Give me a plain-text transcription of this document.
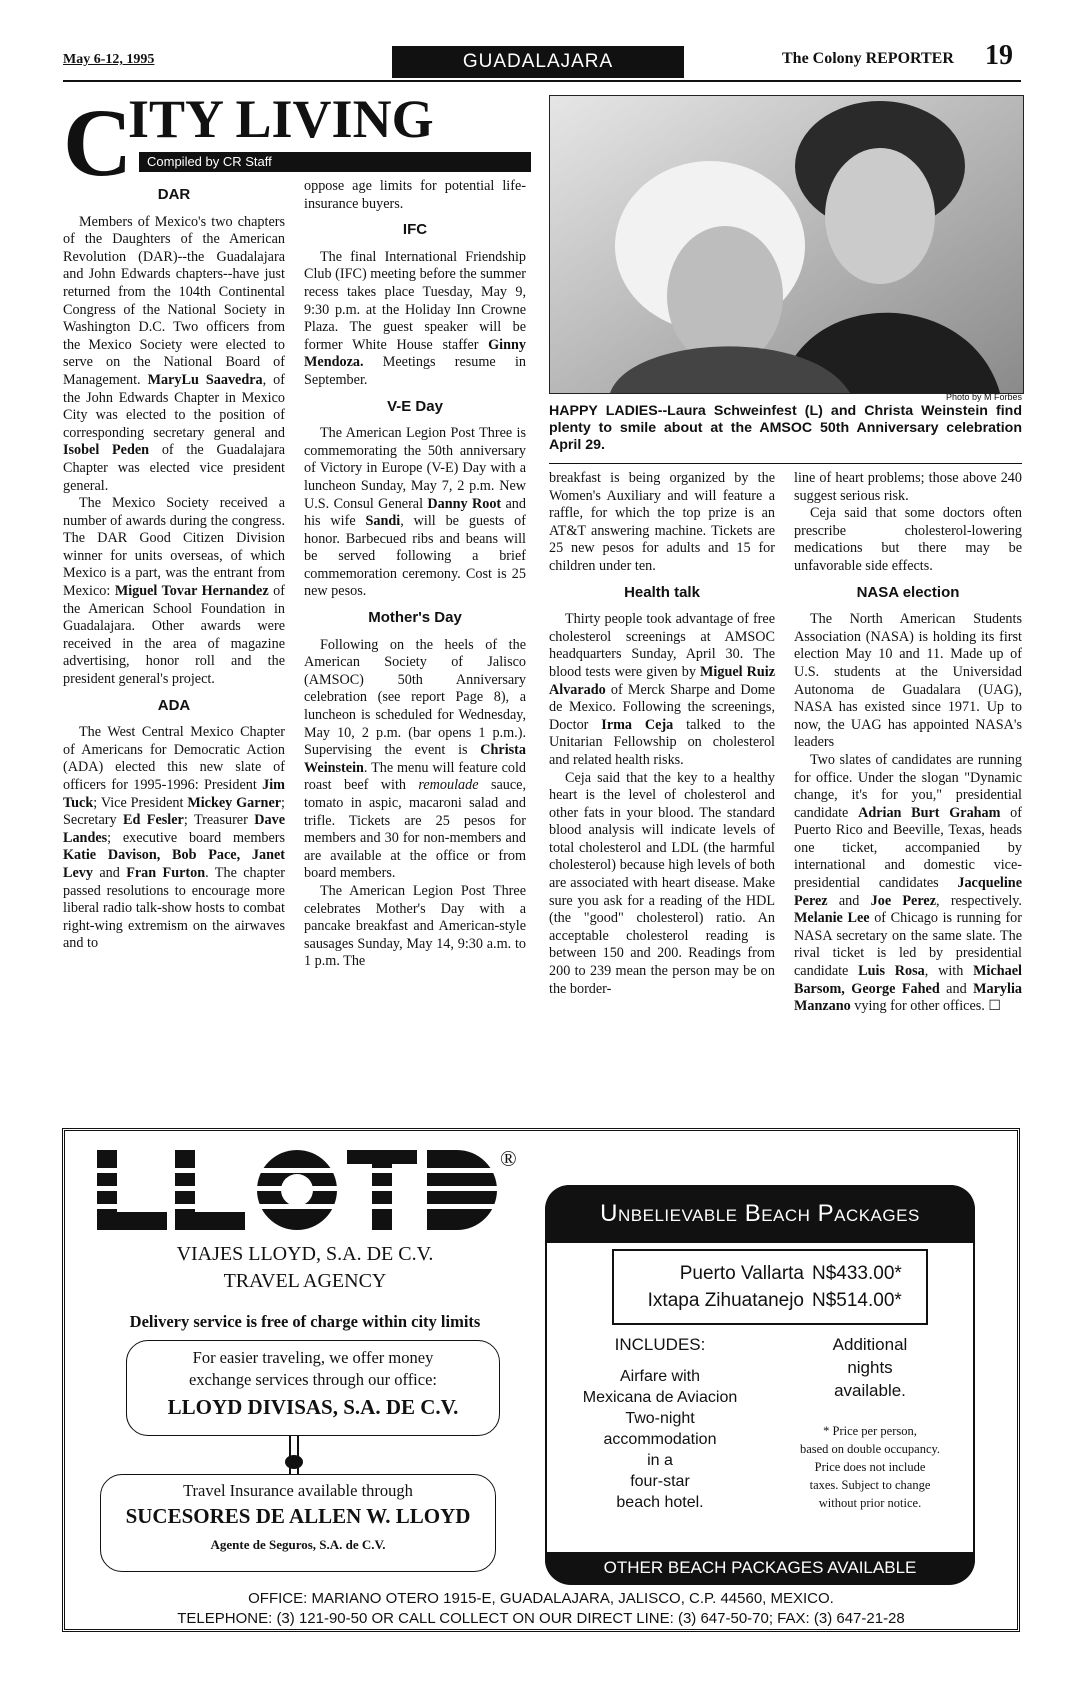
May 6-12, 1995	GUADALAJARA	The Colony REPORTER 19
C
ITY LIVING
Compiled by CR Staff
DAR

Members of Mexico's two chapters of the Daughters of the American Revolution (DAR)--the Guadalajara and John Edwards chapters--have just returned from the 104th Continental Congress of the National Society in Washington D.C. Two officers from the Mexico Society were elected to serve on the National Board of Management. MaryLu Saavedra, of the John Edwards Chapter in Mexico City was elected to the position of corresponding secretary general and Isobel Peden of the Guadalajara Chapter was elected vice president general.

The Mexico Society received a number of awards during the congress. The DAR Good Citizen Division winner for units overseas, of which Mexico is a part, was the entrant from Mexico: Miguel Tovar Hernandez of the American School Foundation in Guadalajara. Other awards were received in the area of magazine advertising, honor roll and the president general's project.

ADA

The West Central Mexico Chapter of Americans for Democratic Action (ADA) elected this new slate of officers for 1995-1996: President Jim Tuck; Vice President Mickey Garner; Secretary Ed Fesler; Treasurer Dave Landes; executive board members Katie Davison, Bob Pace, Janet Levy and Fran Furton. The chapter passed resolutions to encourage more liberal radio talk-show hosts to combat right-wing extremism on the airwaves and to

oppose age limits for potential life-insurance buyers.

IFC

The final International Friendship Club (IFC) meeting before the summer recess takes place Tuesday, May 9, 9:30 p.m. at the Holiday Inn Crowne Plaza. The guest speaker will be former White House staffer Ginny Mendoza. Meetings resume in September.

V-E Day

The American Legion Post Three is commemorating the 50th anniversary of Victory in Europe (V-E) Day with a luncheon Sunday, May 7, 2 p.m. New U.S. Consul General Danny Root and his wife Sandi, will be guests of honor. Barbecued ribs and beans will be served following a brief commemoration ceremony. Cost is 25 new pesos.

Mother's Day

Following on the heels of the American Society of Jalisco (AMSOC) 50th Anniversary celebration (see report Page 8), a luncheon is scheduled for Wednesday, May 10, 2 p.m. (bar opens 1 p.m.). Supervising the event is Christa Weinstein. The menu will feature cold roast beef with remoulade sauce, tomato in aspic, macaroni salad and trifle. Tickets are 25 pesos for members and 30 for non-members and are available at the office or from board members.

The American Legion Post Three celebrates Mother's Day with a pancake breakfast and American-style sausages Sunday, May 14, 9:30 a.m. to 1 p.m. The

Photo by M Forbes
HAPPY LADIES--Laura Schweinfest (L) and Christa Weinstein find plenty to smile about at the AMSOC 50th Anniversary celebration April 29.

breakfast is being organized by the Women's Auxiliary and will feature a raffle, for which the top prize is an AT&T answering machine. Tickets are 25 new pesos for adults and 15 for children under ten.

Health talk

Thirty people took advantage of free cholesterol screenings at AMSOC headquarters Sunday, April 30. The blood tests were given by Miguel Ruiz Alvarado of Merck Sharpe and Dome de Mexico. Following the screenings, Doctor Irma Ceja talked to the Unitarian Fellowship on cholesterol and related health risks.

Ceja said that the key to a healthy heart is the level of cholesterol and other fats in your blood. The standard blood analysis will indicate levels of total cholesterol and LDL (the harmful cholesterol) because high levels of both are associated with heart disease. Make sure you ask for a reading of the HDL (the "good" cholesterol) ratio. An acceptable cholesterol reading is between 150 and 200. Readings from 200 to 239 mean the person may be on the border-

line of heart problems; those above 240 suggest serious risk.

Ceja said that some doctors often prescribe cholesterol-lowering medications but there may be unfavorable side effects.

NASA election

The North American Students Association (NASA) is holding its first election May 10 and 11. Made up of U.S. students at the Universidad Autonoma de Guadalara (UAG), NASA has existed since 1971. Up to now, the UAG has appointed NASA's leaders

Two slates of candidates are running for office. Under the slogan "Dynamic change, it's for you," presidential candidate Adrian Burt Graham of Puerto Rico and Beeville, Texas, heads one ticket, accompanied by international and domestic vice-presidential candidates Jacqueline Perez and Joe Perez, respectively. Melanie Lee of Chicago is running for NASA secretary on the same slate. The rival ticket is led by presidential candidate Luis Rosa, with Michael Barsom, George Fahed and Marylia Manzano vying for other offices. ☐

®
VIAJES LLOYD, S.A. DE C.V.
TRAVEL AGENCY
Delivery service is free of charge within city limits
For easier traveling, we offer money
exchange services through our office:
LLOYD DIVISAS, S.A. DE C.V.
Travel Insurance available through
SUCESORES DE ALLEN W. LLOYD
Agente de Seguros, S.A. de C.V.
Unbelievable Beach Packages
Puerto Vallarta N$433.00*
Ixtapa Zihuatanejo N$514.00*
INCLUDES:
Airfare with
Mexicana de Aviacion
Two-night
accommodation
in a
four-star
beach hotel.
Additional
nights
available.
* Price per person,
based on double occupancy.
Price does not include
taxes. Subject to change
without prior notice.
OTHER BEACH PACKAGES AVAILABLE
OFFICE: MARIANO OTERO 1915-E, GUADALAJARA, JALISCO, C.P. 44560, MEXICO.
TELEPHONE: (3) 121-90-50 OR CALL COLLECT ON OUR DIRECT LINE: (3) 647-50-70; FAX: (3) 647-21-28
